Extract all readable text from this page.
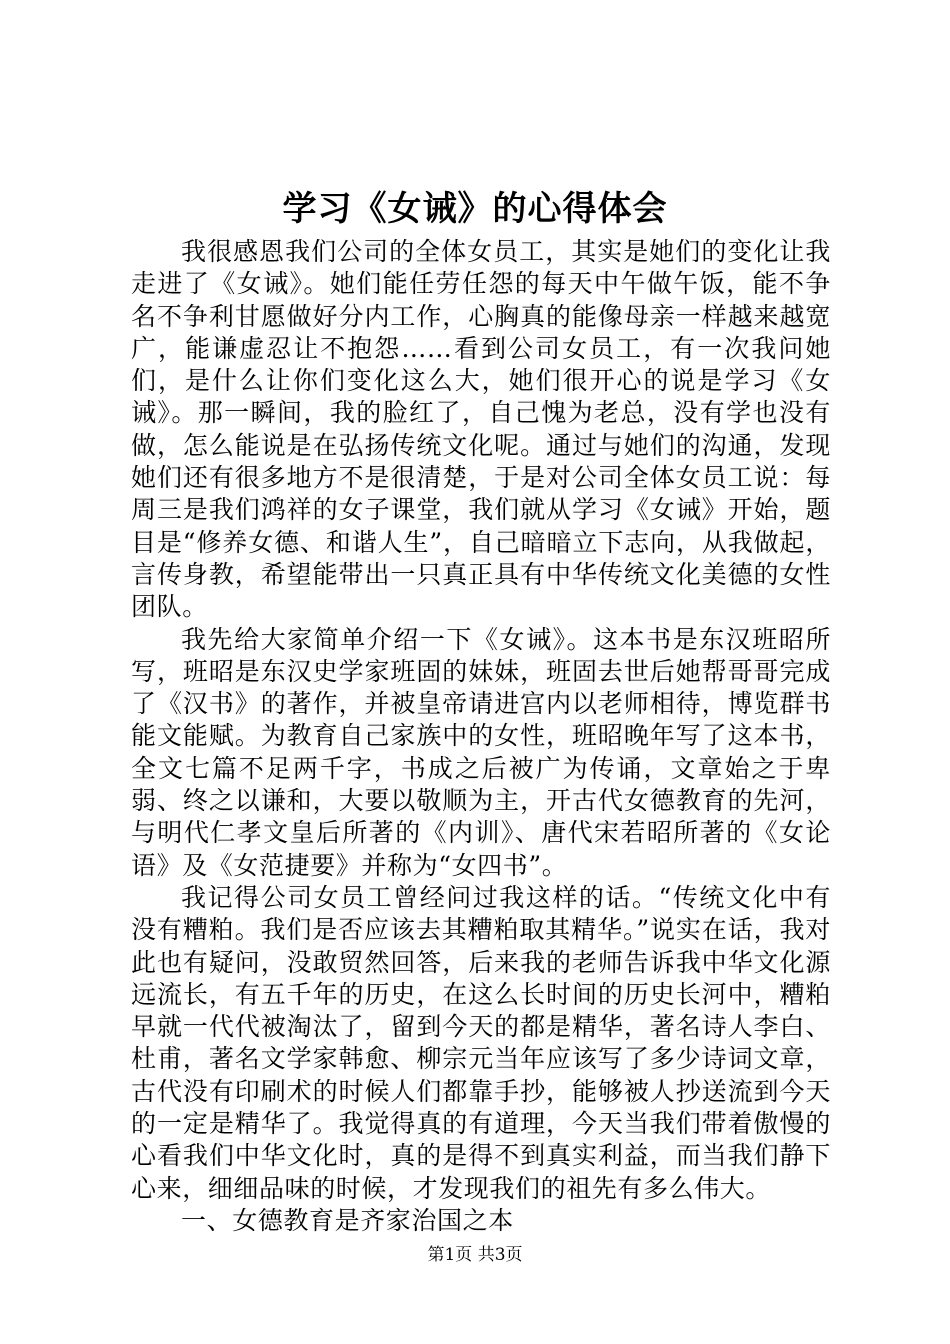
学习《女诫》的心得体会

我很感恩我们公司的全体女员工，其实是她们的变化让我走进了《女诫》。她们能任劳任怨的每天中午做午饭，能不争名不争利甘愿做好分内工作，心胸真的能像母亲一样越来越宽广，能谦虚忍让不抱怨……看到公司女员工，有一次我问她们，是什么让你们变化这么大，她们很开心的说是学习《女诫》。那一瞬间，我的脸红了，自己愧为老总，没有学也没有做，怎么能说是在弘扬传统文化呢。通过与她们的沟通，发现她们还有很多地方不是很清楚，于是对公司全体女员工说：每周三是我们鸿祥的女子课堂，我们就从学习《女诫》开始，题目是“修养女德、和谐人生”，自己暗暗立下志向，从我做起，言传身教，希望能带出一只真正具有中华传统文化美德的女性团队。

我先给大家简单介绍一下《女诫》。这本书是东汉班昭所写，班昭是东汉史学家班固的妹妹，班固去世后她帮哥哥完成了《汉书》的著作，并被皇帝请进宫内以老师相待，博览群书能文能赋。为教育自己家族中的女性，班昭晚年写了这本书，全文七篇不足两千字，书成之后被广为传诵，文章始之于卑弱、终之以谦和，大要以敬顺为主，开古代女德教育的先河，与明代仁孝文皇后所著的《内训》、唐代宋若昭所著的《女论语》及《女范捷要》并称为“女四书”。

我记得公司女员工曾经问过我这样的话。“传统文化中有没有糟粕。我们是否应该去其糟粕取其精华。”说实在话，我对此也有疑问，没敢贸然回答，后来我的老师告诉我中华文化源远流长，有五千年的历史，在这么长时间的历史长河中，糟粕早就一代代被淘汰了，留到今天的都是精华，著名诗人李白、杜甫，著名文学家韩愈、柳宗元当年应该写了多少诗词文章，古代没有印刷术的时候人们都靠手抄，能够被人抄送流到今天的一定是精华了。我觉得真的有道理，今天当我们带着傲慢的心看我们中华文化时，真的是得不到真实利益，而当我们静下心来，细细品味的时候，才发现我们的祖先有多么伟大。

一、女德教育是齐家治国之本

第1页 共3页
